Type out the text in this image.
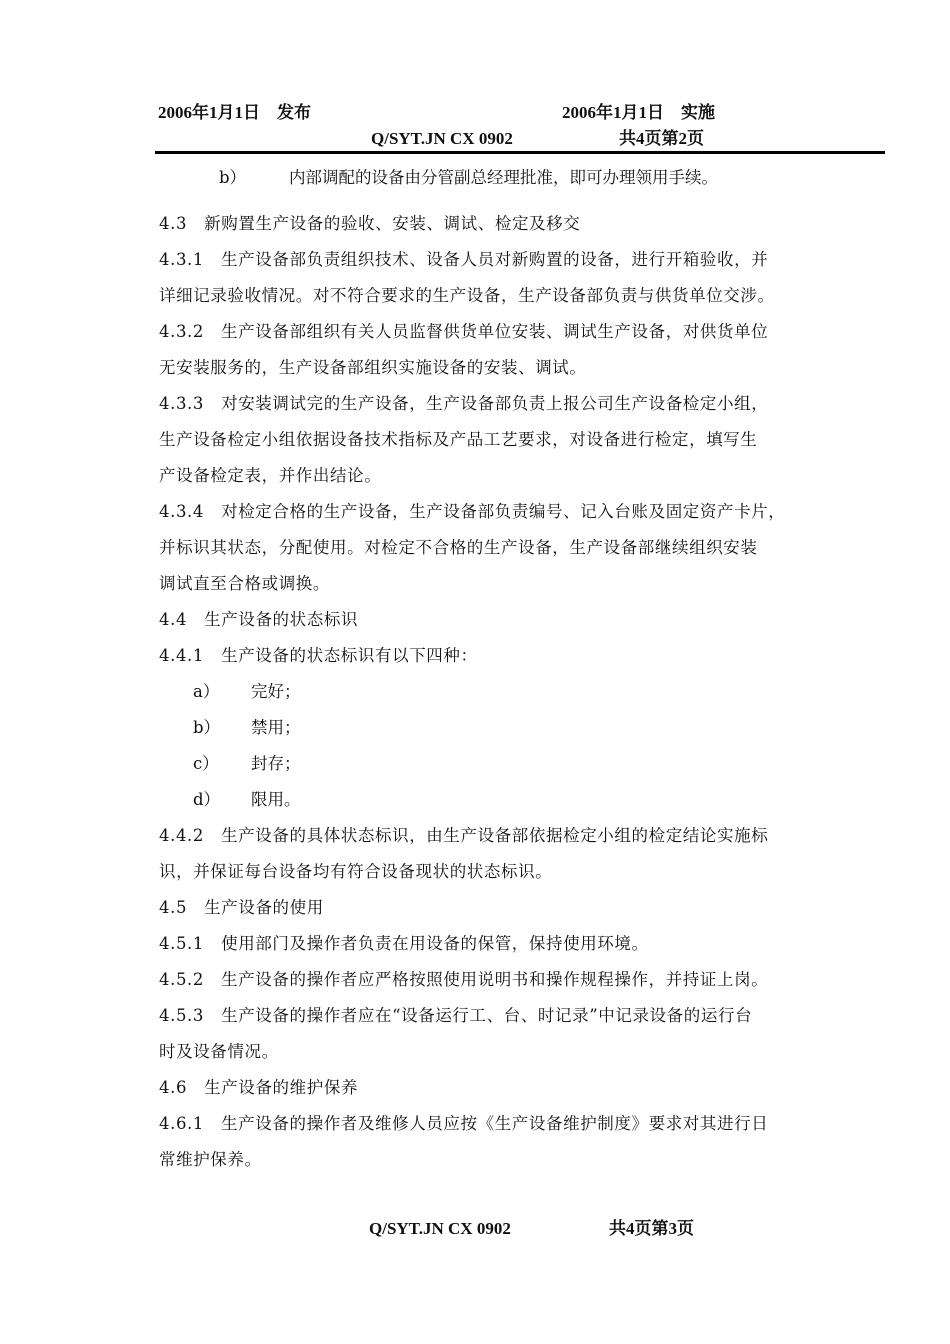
2006年1月1日　发布	2006年1月1日　实施
Q/SYT.JN CX 0902	共4页第2页
b）	内部调配的设备由分管副总经理批准，即可办理领用手续。

4.3　 新购置生产设备的验收、安装、调试、检定及移交

4.3.1　 生产设备部负责组织技术、设备人员对新购置的设备，进行开箱验收，并

详细记录验收情况。对不符合要求的生产设备，生产设备部负责与供货单位交涉。

4.3.2　 生产设备部组织有关人员监督供货单位安装、调试生产设备，对供货单位

无安装服务的，生产设备部组织实施设备的安装、调试。

4.3.3　 对安装调试完的生产设备，生产设备部负责上报公司生产设备检定小组，

生产设备检定小组依据设备技术指标及产品工艺要求，对设备进行检定，填写生

产设备检定表，并作出结论。

4.3.4　 对检定合格的生产设备，生产设备部负责编号、记入台账及固定资产卡片，

并标识其状态，分配使用。对检定不合格的生产设备，生产设备部继续组织安装

调试直至合格或调换。

4.4　 生产设备的状态标识

4.4.1　 生产设备的状态标识有以下四种：

a） 完好；
b） 禁用；
c） 封存；
d） 限用。

4.4.2　 生产设备的具体状态标识，由生产设备部依据检定小组的检定结论实施标

识，并保证每台设备均有符合设备现状的状态标识。

4.5　 生产设备的使用

4.5.1　 使用部门及操作者负责在用设备的保管，保持使用环境。

4.5.2　 生产设备的操作者应严格按照使用说明书和操作规程操作，并持证上岗。

4.5.3　 生产设备的操作者应在“设备运行工、台、时记录”中记录设备的运行台

时及设备情况。

4.6　 生产设备的维护保养

4.6.1　 生产设备的操作者及维修人员应按《生产设备维护制度》要求对其进行日

常维护保养。

Q/SYT.JN CX 0902	共4页第3页
